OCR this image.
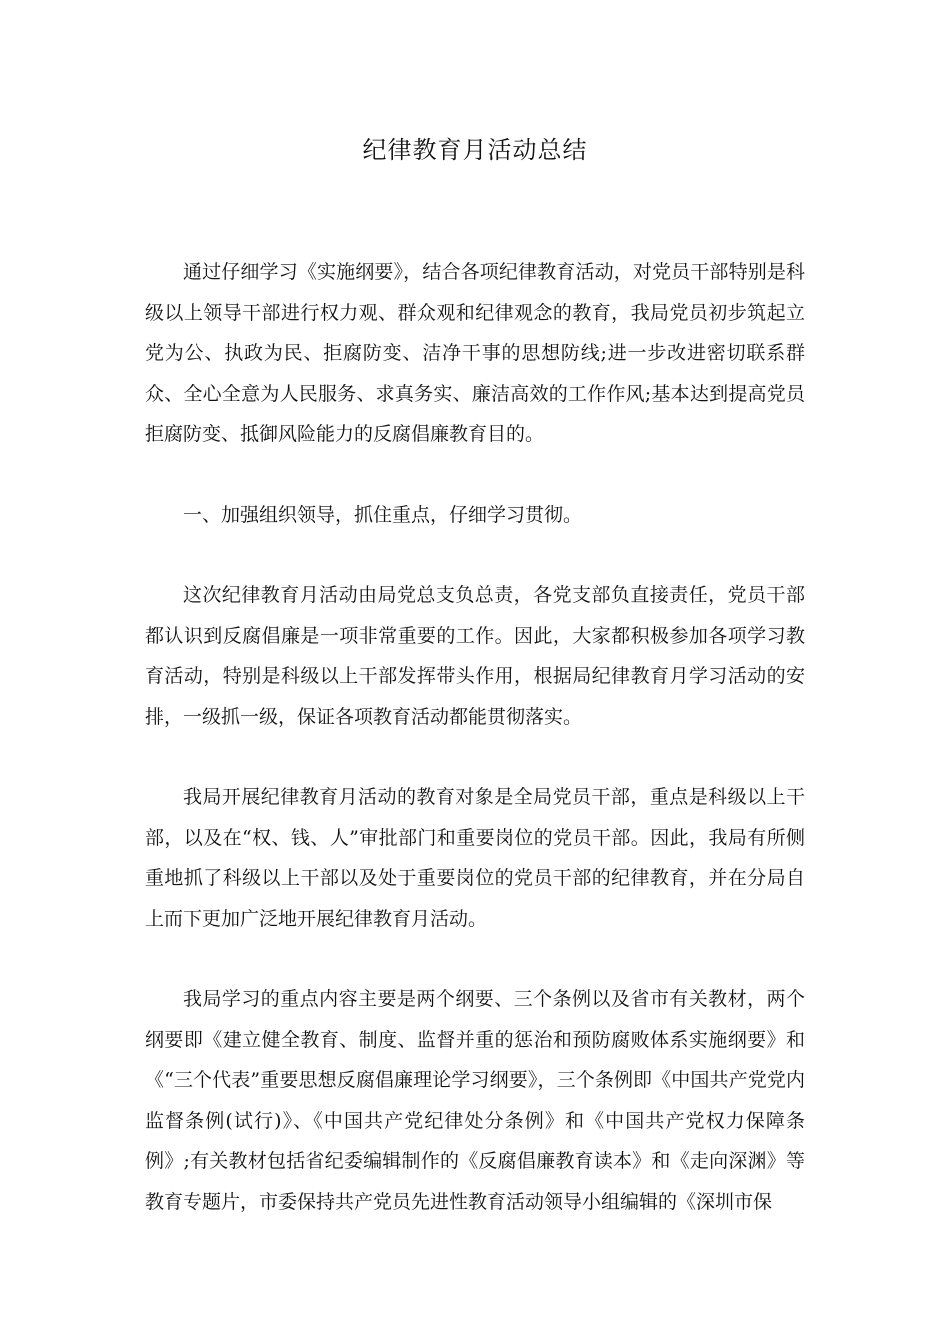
纪律教育月活动总结

通过仔细学习《实施纲要》，结合各项纪律教育活动，对党员干部特别是科级以上领导干部进行权力观、群众观和纪律观念的教育，我局党员初步筑起立党为公、执政为民、拒腐防变、洁净干事的思想防线;进一步改进密切联系群众、全心全意为人民服务、求真务实、廉洁高效的工作作风;基本达到提高党员拒腐防变、抵御风险能力的反腐倡廉教育目的。

一、加强组织领导，抓住重点，仔细学习贯彻。

这次纪律教育月活动由局党总支负总责，各党支部负直接责任，党员干部都认识到反腐倡廉是一项非常重要的工作。因此，大家都积极参加各项学习教育活动，特别是科级以上干部发挥带头作用，根据局纪律教育月学习活动的安排，一级抓一级，保证各项教育活动都能贯彻落实。

我局开展纪律教育月活动的教育对象是全局党员干部，重点是科级以上干部，以及在“权、钱、人”审批部门和重要岗位的党员干部。因此，我局有所侧重地抓了科级以上干部以及处于重要岗位的党员干部的纪律教育，并在分局自上而下更加广泛地开展纪律教育月活动。

我局学习的重点内容主要是两个纲要、三个条例以及省市有关教材，两个纲要即《建立健全教育、制度、监督并重的惩治和预防腐败体系实施纲要》和《“三个代表”重要思想反腐倡廉理论学习纲要》，三个条例即《中国共产党党内监督条例(试行)》、《中国共产党纪律处分条例》和《中国共产党权力保障条例》;有关教材包括省纪委编辑制作的《反腐倡廉教育读本》和《走向深渊》等教育专题片，市委保持共产党员先进性教育活动领导小组编辑的《深圳市保
